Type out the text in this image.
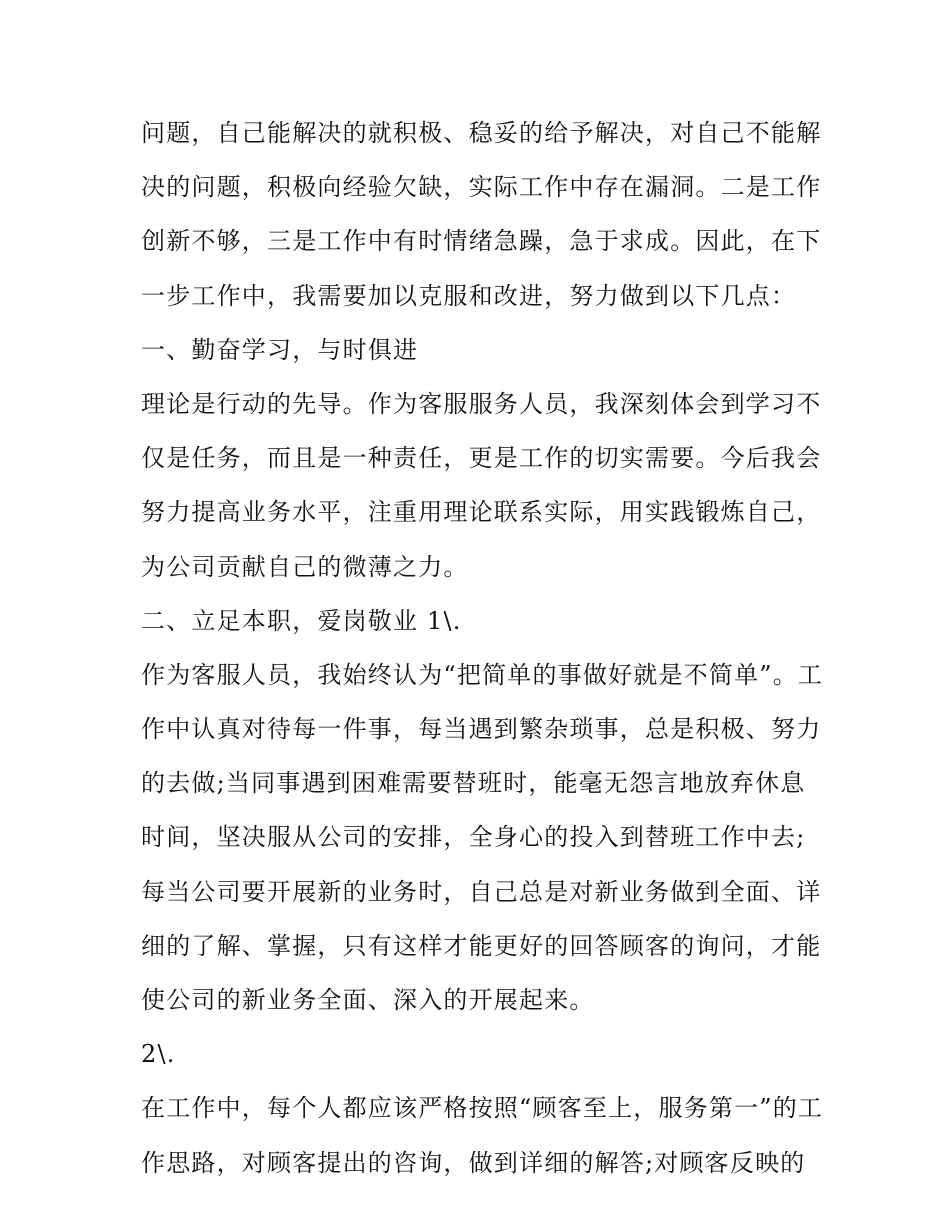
问题，自己能解决的就积极、稳妥的给予解决，对自己不能解
决的问题，积极向经验欠缺，实际工作中存在漏洞。二是工作
创新不够，三是工作中有时情绪急躁，急于求成。因此，在下
一步工作中，我需要加以克服和改进，努力做到以下几点：
一、勤奋学习，与时俱进
理论是行动的先导。作为客服服务人员，我深刻体会到学习不
仅是任务，而且是一种责任，更是工作的切实需要。今后我会
努力提高业务水平，注重用理论联系实际，用实践锻炼自己，
为公司贡献自己的微薄之力。
二、立足本职，爱岗敬业 1\.
作为客服人员，我始终认为“把简单的事做好就是不简单”。工
作中认真对待每一件事，每当遇到繁杂琐事，总是积极、努力
的去做;当同事遇到困难需要替班时，能毫无怨言地放弃休息
时间，坚决服从公司的安排，全身心的投入到替班工作中去;
每当公司要开展新的业务时，自己总是对新业务做到全面、详
细的了解、掌握，只有这样才能更好的回答顾客的询问，才能
使公司的新业务全面、深入的开展起来。
2\.
在工作中，每个人都应该严格按照“顾客至上，服务第一”的工
作思路，对顾客提出的咨询，做到详细的解答;对顾客反映的
